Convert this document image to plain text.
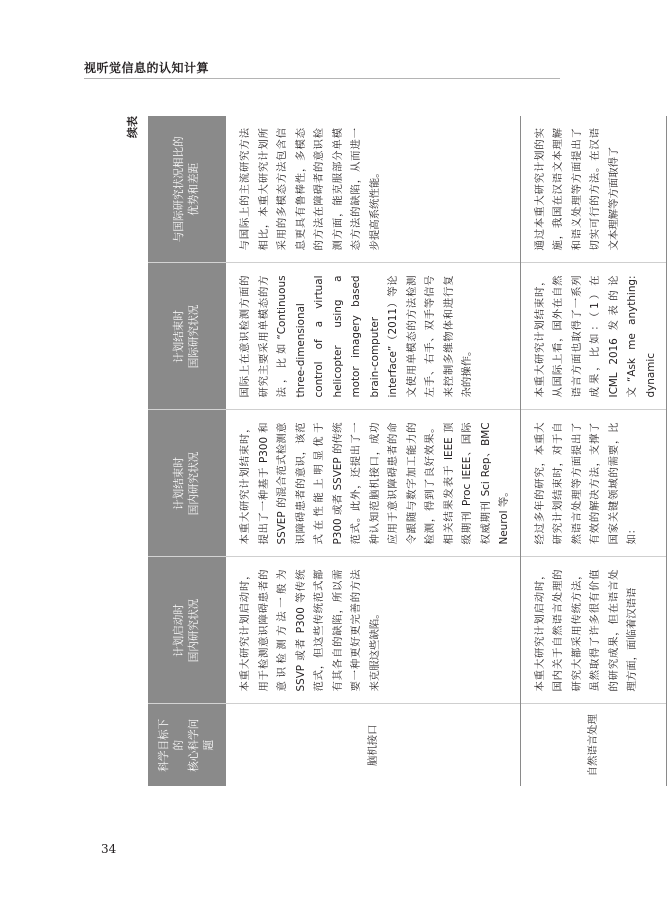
视听觉信息的认知计算
续表
科学目标下的 核心科学问题	计划启动时 国内研究状况	计划结束时 国内研究状况	计划结束时 国际研究状况	与国际研究状况相比的 优势和差距

脑机接口	本重大研究计划启动时，用于检测意识障碍患者的意识检测方法一般为 SSVP 或者 P300 等传统范式，但这些传统范式都有其各自的缺陷，所以需要一种更好更完善的方法来克服这些缺陷。	本重大研究计划结束时，提出了一种基于 P300 和 SSVEP 的混合范式检测意识障碍患者的意识，该范式在性能上明显优于 P300 或者 SSVEP 的传统范式。此外，还提出了一种认知范脑机接口，成功应用于意识障碍患者的命令跟随与数字加工能力的检测，得到了良好效果。相关结果发表于 IEEE 顶级期刊 Proc IEEE、国际权威期刊 Sci Rep、BMC Neurol 等。	国际上在意识检测方面的研究主要采用单模态的方法，比如“Continuous three-dimensional control of a virtual helicopter using a motor imagery based brain-computer interface”（2011）等论文使用单模态的方法检测左手、右手、双手等信号来控制多维物体和进行复杂的操作。	与国际上的主流研究方法相比，本重大研究计划所采用的多模态方法包含信息更具有鲁棒性，多模态的方法在障碍者的意识检测方面，能克服部分单模态方法的缺陷，从而进一步提高系统性能。
自然语言处理	本重大研究计划启动时，国内关于自然语言处理的研究大都采用传统方法，虽然取得了许多很有价值的研究成果，但在语言处理方面，面临着汉语语	经过多年的研究，本重大研究计划结束时，对于自然语言处理等方面提出了有效的解决方法，支撑了国家关键领域的需要，比如：	本重大研究计划结束时，从国际上看，国外在自然语言方面也取得了一系列成果，比如：（1）在 ICML 2016 发表的论文“Ask me anything: dynamic	通过本重大研究计划的实施，我国在汉语文本理解和语义处理等方面提出了切实可行的方法。在汉语文本理解等方面取得了
34
